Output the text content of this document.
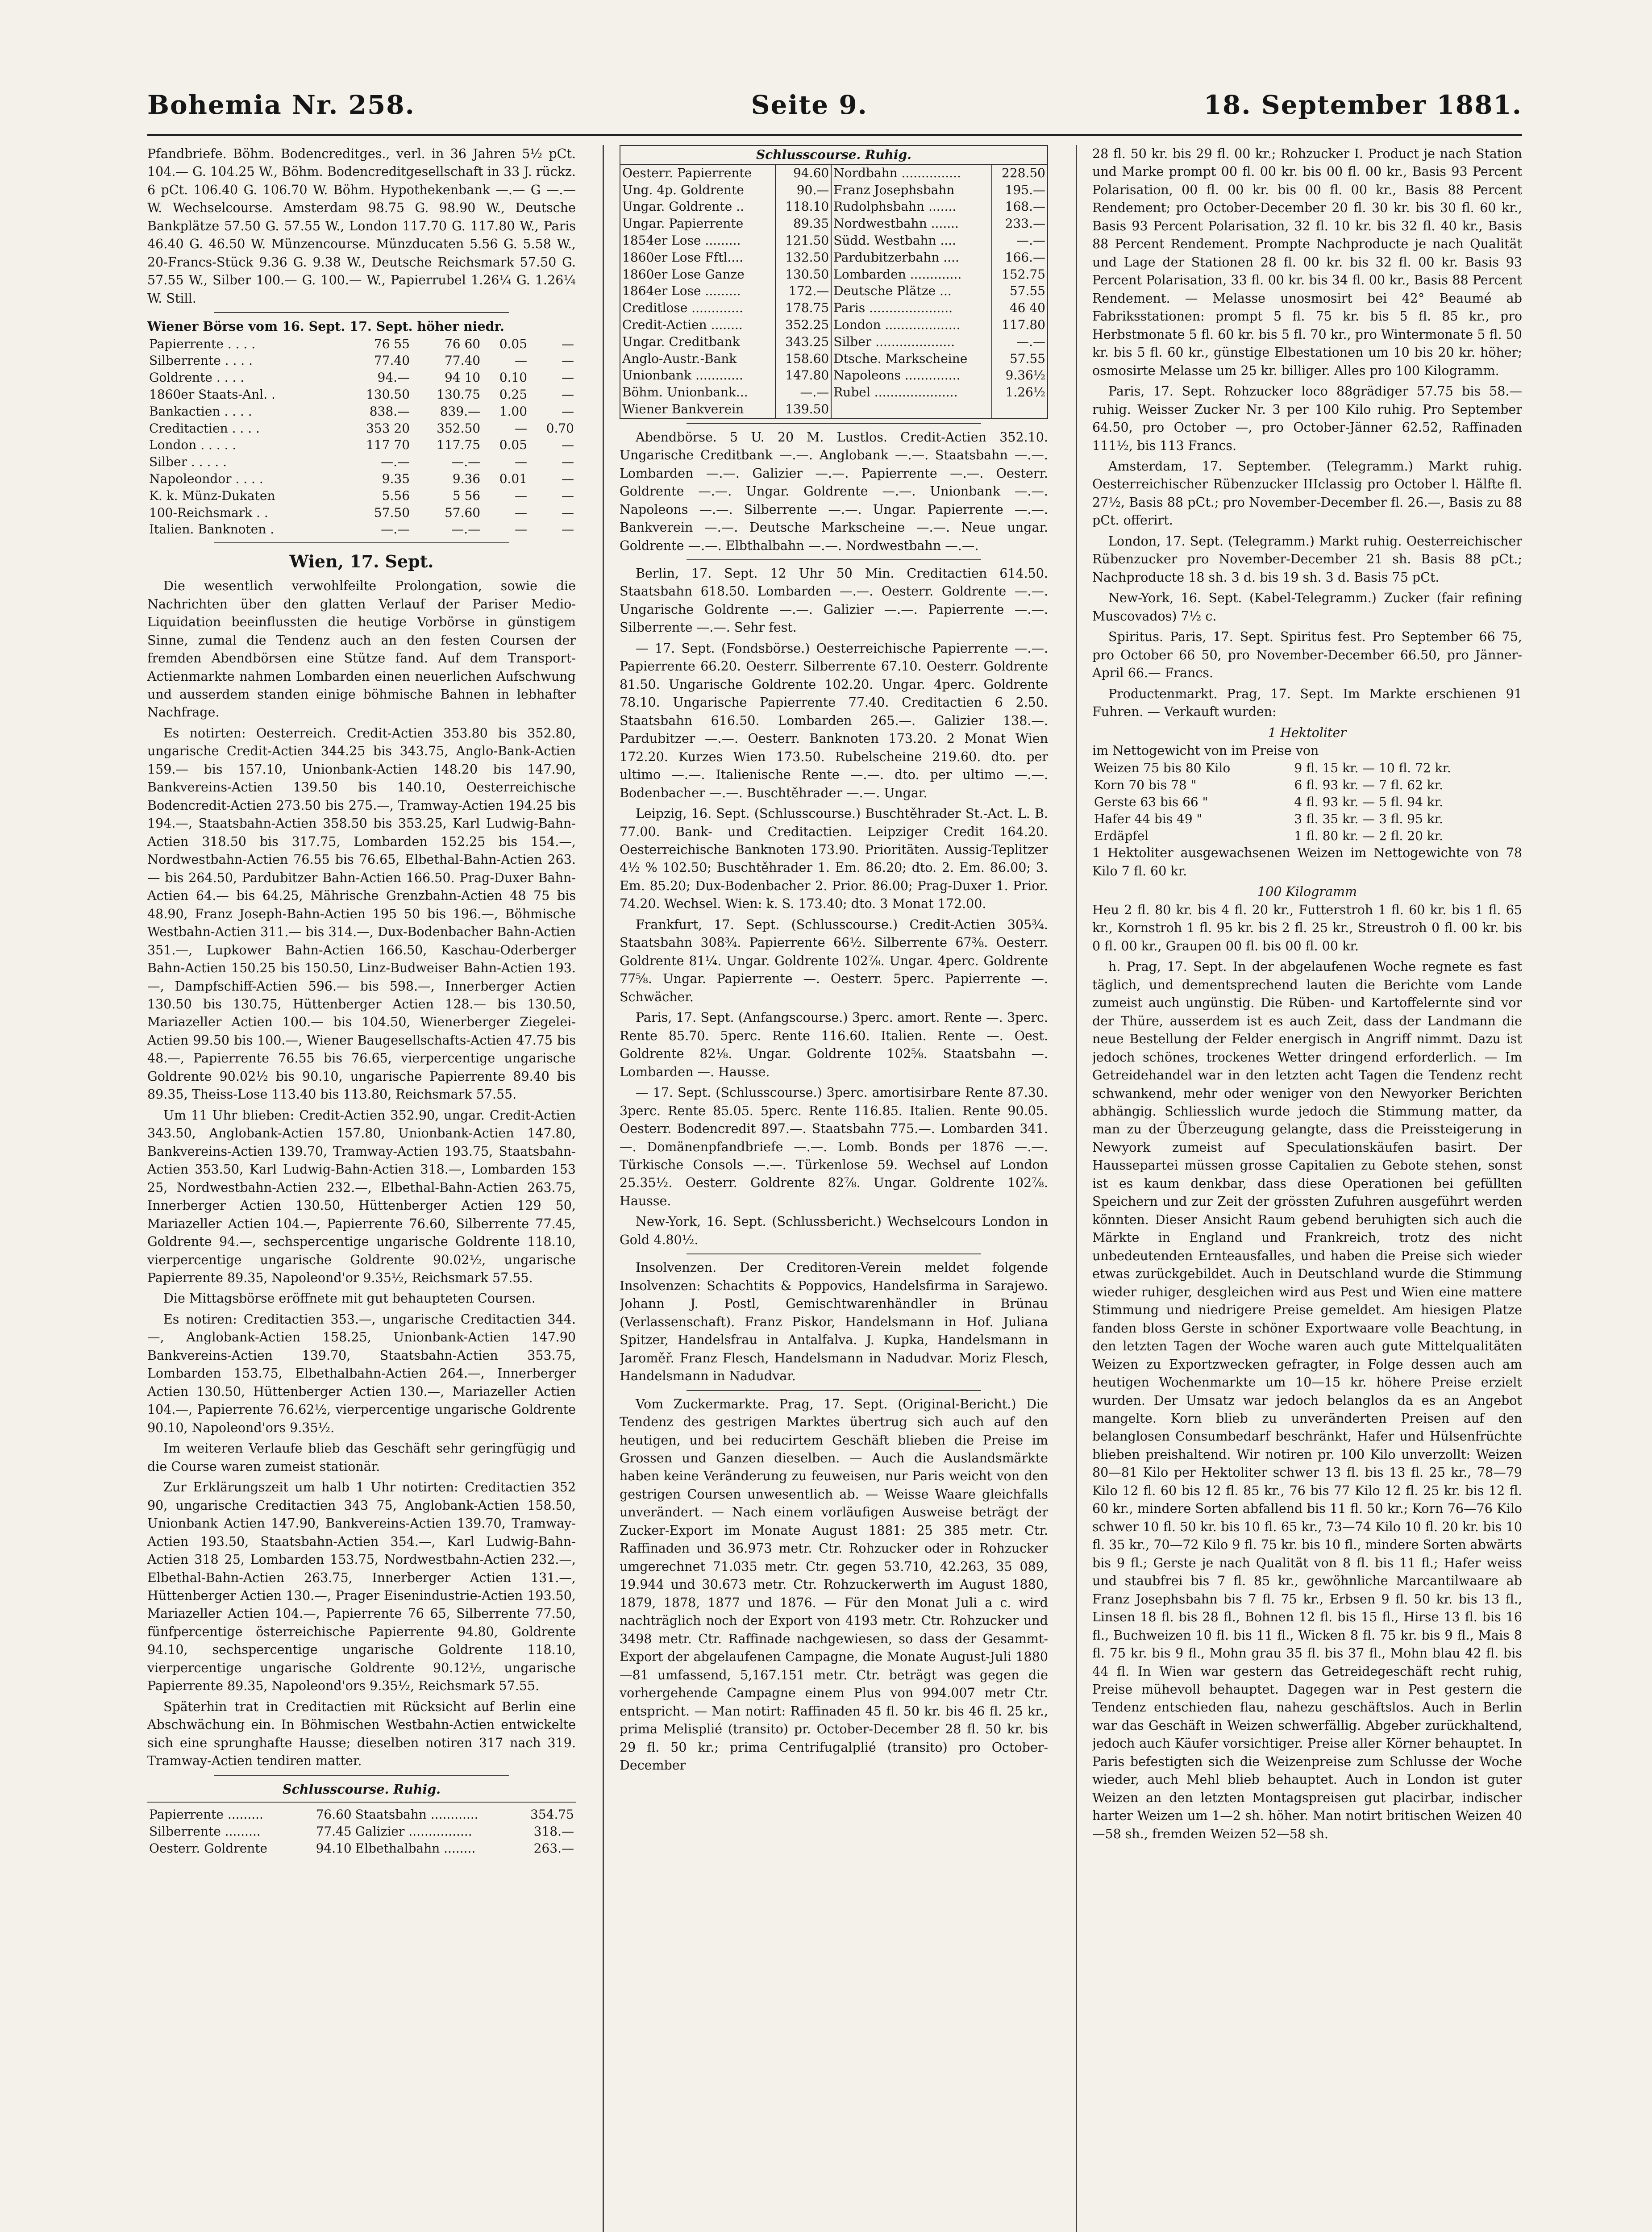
Bohemia Nr. 258.	Seite 9.	18. September 1881.

Pfandbriefe. Böhm. Bodencreditges., verl. in 36 Jahren 5½ pCt. 104.— G. 104.25 W., Böhm. Bodencreditgesellschaft in 33 J. rückz. 6 pCt. 106.40 G. 106.70 W. Böhm. Hypothekenbank —.— G —.— W. Wechselcourse. Amsterdam 98.75 G. 98.90 W., Deutsche Bankplätze 57.50 G. 57.55 W., London 117.70 G. 117.80 W., Paris 46.40 G. 46.50 W. Münzencourse. Münzducaten 5.56 G. 5.58 W., 20-Francs-Stück 9.36 G. 9.38 W., Deutsche Reichsmark 57.50 G. 57.55 W., Silber 100.— G. 100.— W., Papierrubel 1.26¼ G. 1.26¼ W. Still.

Wiener Börse vom 16. Sept. 17. Sept. höher niedr.
Papierrente . . . .	76 55	76 60	0.05	—
Silberrente . . . .	77.40	77.40	—	—
Goldrente . . . .	94.—	94 10	0.10	—
1860er Staats-Anl. .	130.50	130.75	0.25	—
Bankactien . . . .	838.—	839.—	1.00	—
Creditactien . . . .	353 20	352.50	—	0.70
London . . . . .	117 70	117.75	0.05	—
Silber . . . . .	—.—	—.—	—	—
Napoleondor . . . .	9.35	9.36	0.01	—
K. k. Münz-Dukaten	5.56	5 56	—	—
100-Reichsmark . .	57.50	57.60	—	—
Italien. Banknoten .	—.—	—.—	—	—
Wien, 17. Sept.

Die wesentlich verwohlfeilte Prolongation, sowie die Nachrichten über den glatten Verlauf der Pariser Medio-Liquidation beeinflussten die heutige Vorbörse in günstigem Sinne, zumal die Tendenz auch an den festen Coursen der fremden Abendbörsen eine Stütze fand. Auf dem Transport-Actienmarkte nahmen Lombarden einen neuerlichen Aufschwung und ausserdem standen einige böhmische Bahnen in lebhafter Nachfrage.

Es notirten: Oesterreich. Credit-Actien 353.80 bis 352.80, ungarische Credit-Actien 344.25 bis 343.75, Anglo-Bank-Actien 159.— bis 157.10, Unionbank-Actien 148.20 bis 147.90, Bankvereins-Actien 139.50 bis 140.10, Oesterreichische Bodencredit-Actien 273.50 bis 275.—, Tramway-Actien 194.25 bis 194.—, Staatsbahn-Actien 358.50 bis 353.25, Karl Ludwig-Bahn-Actien 318.50 bis 317.75, Lombarden 152.25 bis 154.—, Nordwestbahn-Actien 76.55 bis 76.65, Elbethal-Bahn-Actien 263.— bis 264.50, Pardubitzer Bahn-Actien 166.50. Prag-Duxer Bahn-Actien 64.— bis 64.25, Mährische Grenzbahn-Actien 48 75 bis 48.90, Franz Joseph-Bahn-Actien 195 50 bis 196.—, Böhmische Westbahn-Actien 311.— bis 314.—, Dux-Bodenbacher Bahn-Actien 351.—, Lupkower Bahn-Actien 166.50, Kaschau-Oderberger Bahn-Actien 150.25 bis 150.50, Linz-Budweiser Bahn-Actien 193.—, Dampfschiff-Actien 596.— bis 598.—, Innerberger Actien 130.50 bis 130.75, Hüttenberger Actien 128.— bis 130.50, Mariazeller Actien 100.— bis 104.50, Wienerberger Ziegelei-Actien 99.50 bis 100.—, Wiener Baugesellschafts-Actien 47.75 bis 48.—, Papierrente 76.55 bis 76.65, vierpercentige ungarische Goldrente 90.02½ bis 90.10, ungarische Papierrente 89.40 bis 89.35, Theiss-Lose 113.40 bis 113.80, Reichsmark 57.55.

Um 11 Uhr blieben: Credit-Actien 352.90, ungar. Credit-Actien 343.50, Anglobank-Actien 157.80, Unionbank-Actien 147.80, Bankvereins-Actien 139.70, Tramway-Actien 193.75, Staatsbahn-Actien 353.50, Karl Ludwig-Bahn-Actien 318.—, Lombarden 153 25, Nordwestbahn-Actien 232.—, Elbethal-Bahn-Actien 263.75, Innerberger Actien 130.50, Hüttenberger Actien 129 50, Mariazeller Actien 104.—, Papierrente 76.60, Silberrente 77.45, Goldrente 94.—, sechspercentige ungarische Goldrente 118.10, vierpercentige ungarische Goldrente 90.02½, ungarische Papierrente 89.35, Napoleond'or 9.35½, Reichsmark 57.55.

Die Mittagsbörse eröffnete mit gut behaupteten Coursen.

Es notiren: Creditactien 353.—, ungarische Creditactien 344.—, Anglobank-Actien 158.25, Unionbank-Actien 147.90 Bankvereins-Actien 139.70, Staatsbahn-Actien 353.75, Lombarden 153.75, Elbethalbahn-Actien 264.—, Innerberger Actien 130.50, Hüttenberger Actien 130.—, Mariazeller Actien 104.—, Papierrente 76.62½, vierpercentige ungarische Goldrente 90.10, Napoleond'ors 9.35½.

Im weiteren Verlaufe blieb das Geschäft sehr geringfügig und die Course waren zumeist stationär.

Zur Erklärungszeit um halb 1 Uhr notirten: Creditactien 352 90, ungarische Creditactien 343 75, Anglobank-Actien 158.50, Unionbank Actien 147.90, Bankvereins-Actien 139.70, Tramway-Actien 193.50, Staatsbahn-Actien 354.—, Karl Ludwig-Bahn-Actien 318 25, Lombarden 153.75, Nordwestbahn-Actien 232.—, Elbethal-Bahn-Actien 263.75, Innerberger Actien 131.—, Hüttenberger Actien 130.—, Prager Eisenindustrie-Actien 193.50, Mariazeller Actien 104.—, Papierrente 76 65, Silberrente 77.50, fünfpercentige österreichische Papierrente 94.80, Goldrente 94.10, sechspercentige ungarische Goldrente 118.10, vierpercentige ungarische Goldrente 90.12½, ungarische Papierrente 89.35, Napoleond'ors 9.35½, Reichsmark 57.55.

Späterhin trat in Creditactien mit Rücksicht auf Berlin eine Abschwächung ein. In Böhmischen Westbahn-Actien entwickelte sich eine sprunghafte Hausse; dieselben notiren 317 nach 319. Tramway-Actien tendiren matter.

Schlusscourse. Ruhig.
Papierrente .........	76.60	Staatsbahn ............	354.75
Silberrente .........	77.45	Galizier ................	318.—
Oesterr. Goldrente	94.10	Elbethalbahn ........	263.—
Schlusscourse. Ruhig.
Oesterr. Papierrente	94.60	Nordbahn ...............	228.50
Ung. 4p. Goldrente	90.—	Franz Josephsbahn	195.—
Ungar. Goldrente ..	118.10	Rudolphsbahn .......	168.—
Ungar. Papierrente	89.35	Nordwestbahn .......	233.—
1854er Lose .........	121.50	Südd. Westbahn ....	—.—
1860er Lose Fftl....	132.50	Pardubitzerbahn ....	166.—
1860er Lose Ganze	130.50	Lombarden .............	152.75
1864er Lose .........	172.—	Deutsche Plätze ...	57.55
Creditlose .............	178.75	Paris .....................	46 40
Credit-Actien ........	352.25	London ...................	117.80
Ungar. Creditbank	343.25	Silber ....................	—.—
Anglo-Austr.-Bank	158.60	Dtsche. Markscheine	57.55
Unionbank ............	147.80	Napoleons ..............	9.36½
Böhm. Unionbank...	—.—	Rubel .....................	1.26½
Wiener Bankverein	139.50		

Abendbörse. 5 U. 20 M. Lustlos. Credit-Actien 352.10. Ungarische Creditbank —.—. Anglobank —.—. Staatsbahn —.—. Lombarden —.—. Galizier —.—. Papierrente —.—. Oesterr. Goldrente —.—. Ungar. Goldrente —.—. Unionbank —.—. Napoleons —.—. Silberrente —.—. Ungar. Papierrente —.—. Bankverein —.—. Deutsche Markscheine —.—. Neue ungar. Goldrente —.—. Elbthalbahn —.—. Nordwestbahn —.—.

Berlin, 17. Sept. 12 Uhr 50 Min. Creditactien 614.50. Staatsbahn 618.50. Lombarden —.—. Oesterr. Goldrente —.—. Ungarische Goldrente —.—. Galizier —.—. Papierrente —.—. Silberrente —.—. Sehr fest.

— 17. Sept. (Fondsbörse.) Oesterreichische Papierrente —.—. Papierrente 66.20. Oesterr. Silberrente 67.10. Oesterr. Goldrente 81.50. Ungarische Goldrente 102.20. Ungar. 4perc. Goldrente 78.10. Ungarische Papierrente 77.40. Creditactien 6 2.50. Staatsbahn 616.50. Lombarden 265.—. Galizier 138.—. Pardubitzer —.—. Oesterr. Banknoten 173.20. 2 Monat Wien 172.20. Kurzes Wien 173.50. Rubelscheine 219.60. dto. per ultimo —.—. Italienische Rente —.—. dto. per ultimo —.—. Bodenbacher —.—. Buschtěhrader —.—. Ungar.

Leipzig, 16. Sept. (Schlusscourse.) Buschtěhrader St.-Act. L. B. 77.00. Bank- und Creditactien. Leipziger Credit 164.20. Oesterreichische Banknoten 173.90. Prioritäten. Aussig-Teplitzer 4½ % 102.50; Buschtěhrader 1. Em. 86.20; dto. 2. Em. 86.00; 3. Em. 85.20; Dux-Bodenbacher 2. Prior. 86.00; Prag-Duxer 1. Prior. 74.20. Wechsel. Wien: k. S. 173.40; dto. 3 Monat 172.00.

Frankfurt, 17. Sept. (Schlusscourse.) Credit-Actien 305¾. Staatsbahn 308¾. Papierrente 66½. Silberrente 67⅜. Oesterr. Goldrente 81¼. Ungar. Goldrente 102⅞. Ungar. 4perc. Goldrente 77⅝. Ungar. Papierrente —. Oesterr. 5perc. Papierrente —. Schwächer.

Paris, 17. Sept. (Anfangscourse.) 3perc. amort. Rente —. 3perc. Rente 85.70. 5perc. Rente 116.60. Italien. Rente —. Oest. Goldrente 82⅛. Ungar. Goldrente 102⅝. Staatsbahn —. Lombarden —. Hausse.

— 17. Sept. (Schlusscourse.) 3perc. amortisirbare Rente 87.30. 3perc. Rente 85.05. 5perc. Rente 116.85. Italien. Rente 90.05. Oesterr. Bodencredit 897.—. Staatsbahn 775.—. Lombarden 341.—. Domänenpfandbriefe —.—. Lomb. Bonds per 1876 —.—. Türkische Consols —.—. Türkenlose 59. Wechsel auf London 25.35½. Oesterr. Goldrente 82⅞. Ungar. Goldrente 102⅞. Hausse.

New-York, 16. Sept. (Schlussbericht.) Wechselcours London in Gold 4.80½.

Insolvenzen. Der Creditoren-Verein meldet folgende Insolvenzen: Schachtits & Poppovics, Handelsfirma in Sarajewo. Johann J. Postl, Gemischtwarenhändler in Brünau (Verlassenschaft). Franz Piskor, Handelsmann in Hof. Juliana Spitzer, Handelsfrau in Antalfalva. J. Kupka, Handelsmann in Jaroměř. Franz Flesch, Handelsmann in Nadudvar. Moriz Flesch, Handelsmann in Nadudvar.

Vom Zuckermarkte. Prag, 17. Sept. (Original-Bericht.) Die Tendenz des gestrigen Marktes übertrug sich auch auf den heutigen, und bei reducirtem Geschäft blieben die Preise im Grossen und Ganzen dieselben. — Auch die Auslandsmärkte haben keine Veränderung zu feuweisen, nur Paris weicht von den gestrigen Coursen unwesentlich ab. — Weisse Waare gleichfalls unverändert. — Nach einem vorläufigen Ausweise beträgt der Zucker-Export im Monate August 1881: 25 385 metr. Ctr. Raffinaden und 36.973 metr. Ctr. Rohzucker oder in Rohzucker umgerechnet 71.035 metr. Ctr. gegen 53.710, 42.263, 35 089, 19.944 und 30.673 metr. Ctr. Rohzuckerwerth im August 1880, 1879, 1878, 1877 und 1876. — Für den Monat Juli a c. wird nachträglich noch der Export von 4193 metr. Ctr. Rohzucker und 3498 metr. Ctr. Raffinade nachgewiesen, so dass der Gesammt-Export der abgelaufenen Campagne, die Monate August-Juli 1880—81 umfassend, 5,167.151 metr. Ctr. beträgt was gegen die vorhergehende Campagne einem Plus von 994.007 metr Ctr. entspricht. — Man notirt: Raffinaden 45 fl. 50 kr. bis 46 fl. 25 kr., prima Melisplié (transito) pr. October-December 28 fl. 50 kr. bis 29 fl. 50 kr.; prima Centrifugalplié (transito) pro October-December

28 fl. 50 kr. bis 29 fl. 00 kr.; Rohzucker I. Product je nach Station und Marke prompt 00 fl. 00 kr. bis 00 fl. 00 kr., Basis 93 Percent Polarisation, 00 fl. 00 kr. bis 00 fl. 00 kr., Basis 88 Percent Rendement; pro October-December 20 fl. 30 kr. bis 30 fl. 60 kr., Basis 93 Percent Polarisation, 32 fl. 10 kr. bis 32 fl. 40 kr., Basis 88 Percent Rendement. Prompte Nachproducte je nach Qualität und Lage der Stationen 28 fl. 00 kr. bis 32 fl. 00 kr. Basis 93 Percent Polarisation, 33 fl. 00 kr. bis 34 fl. 00 kr., Basis 88 Percent Rendement. — Melasse unosmosirt bei 42° Beaumé ab Fabriksstationen: prompt 5 fl. 75 kr. bis 5 fl. 85 kr., pro Herbstmonate 5 fl. 60 kr. bis 5 fl. 70 kr., pro Wintermonate 5 fl. 50 kr. bis 5 fl. 60 kr., günstige Elbestationen um 10 bis 20 kr. höher; osmosirte Melasse um 25 kr. billiger. Alles pro 100 Kilogramm.

Paris, 17. Sept. Rohzucker loco 88grädiger 57.75 bis 58.— ruhig. Weisser Zucker Nr. 3 per 100 Kilo ruhig. Pro September 64.50, pro October —, pro October-Jänner 62.52, Raffinaden 111½, bis 113 Francs.

Amsterdam, 17. September. (Telegramm.) Markt ruhig. Oesterreichischer Rübenzucker IIIclassig pro October l. Hälfte fl. 27½, Basis 88 pCt.; pro November-December fl. 26.—, Basis zu 88 pCt. offerirt.

London, 17. Sept. (Telegramm.) Markt ruhig. Oesterreichischer Rübenzucker pro November-December 21 sh. Basis 88 pCt.; Nachproducte 18 sh. 3 d. bis 19 sh. 3 d. Basis 75 pCt.

New-York, 16. Sept. (Kabel-Telegramm.) Zucker (fair refining Muscovados) 7½ c.

Spiritus. Paris, 17. Sept. Spiritus fest. Pro September 66 75, pro October 66 50, pro November-December 66.50, pro Jänner-April 66.— Francs.

Productenmarkt. Prag, 17. Sept. Im Markte erschienen 91 Fuhren. — Verkauft wurden:

1 Hektoliter
im Nettogewicht von im Preise von
Weizen 75 bis 80 Kilo	9 fl. 15 kr. — 10 fl. 72 kr.
Korn 70 bis 78 "	6 fl. 93 kr. — 7 fl. 62 kr.
Gerste 63 bis 66 "	4 fl. 93 kr. — 5 fl. 94 kr.
Hafer 44 bis 49 "	3 fl. 35 kr. — 3 fl. 95 kr.
Erdäpfel	1 fl. 80 kr. — 2 fl. 20 kr.

1 Hektoliter ausgewachsenen Weizen im Nettogewichte von 78 Kilo 7 fl. 60 kr.

100 Kilogramm

Heu 2 fl. 80 kr. bis 4 fl. 20 kr., Futterstroh 1 fl. 60 kr. bis 1 fl. 65 kr., Kornstroh 1 fl. 95 kr. bis 2 fl. 25 kr., Streustroh 0 fl. 00 kr. bis 0 fl. 00 kr., Graupen 00 fl. bis 00 fl. 00 kr.

h. Prag, 17. Sept. In der abgelaufenen Woche regnete es fast täglich, und dementsprechend lauten die Berichte vom Lande zumeist auch ungünstig. Die Rüben- und Kartoffelernte sind vor der Thüre, ausserdem ist es auch Zeit, dass der Landmann die neue Bestellung der Felder energisch in Angriff nimmt. Dazu ist jedoch schönes, trockenes Wetter dringend erforderlich. — Im Getreidehandel war in den letzten acht Tagen die Tendenz recht schwankend, mehr oder weniger von den Newyorker Berichten abhängig. Schliesslich wurde jedoch die Stimmung matter, da man zu der Überzeugung gelangte, dass die Preissteigerung in Newyork zumeist auf Speculationskäufen basirt. Der Haussepartei müssen grosse Capitalien zu Gebote stehen, sonst ist es kaum denkbar, dass diese Operationen bei gefüllten Speichern und zur Zeit der grössten Zufuhren ausgeführt werden könnten. Dieser Ansicht Raum gebend beruhigten sich auch die Märkte in England und Frankreich, trotz des nicht unbedeutenden Ernteausfalles, und haben die Preise sich wieder etwas zurückgebildet. Auch in Deutschland wurde die Stimmung wieder ruhiger, desgleichen wird aus Pest und Wien eine mattere Stimmung und niedrigere Preise gemeldet. Am hiesigen Platze fanden bloss Gerste in schöner Exportwaare volle Beachtung, in den letzten Tagen der Woche waren auch gute Mittelqualitäten Weizen zu Exportzwecken gefragter, in Folge dessen auch am heutigen Wochenmarkte um 10—15 kr. höhere Preise erzielt wurden. Der Umsatz war jedoch belanglos da es an Angebot mangelte. Korn blieb zu unveränderten Preisen auf den belanglosen Consumbedarf beschränkt, Hafer und Hülsenfrüchte blieben preishaltend. Wir notiren pr. 100 Kilo unverzollt: Weizen 80—81 Kilo per Hektoliter schwer 13 fl. bis 13 fl. 25 kr., 78—79 Kilo 12 fl. 60 bis 12 fl. 85 kr., 76 bis 77 Kilo 12 fl. 25 kr. bis 12 fl. 60 kr., mindere Sorten abfallend bis 11 fl. 50 kr.; Korn 76—76 Kilo schwer 10 fl. 50 kr. bis 10 fl. 65 kr., 73—74 Kilo 10 fl. 20 kr. bis 10 fl. 35 kr., 70—72 Kilo 9 fl. 75 kr. bis 10 fl., mindere Sorten abwärts bis 9 fl.; Gerste je nach Qualität von 8 fl. bis 11 fl.; Hafer weiss und staubfrei bis 7 fl. 85 kr., gewöhnliche Marcantilwaare ab Franz Josephsbahn bis 7 fl. 75 kr., Erbsen 9 fl. 50 kr. bis 13 fl., Linsen 18 fl. bis 28 fl., Bohnen 12 fl. bis 15 fl., Hirse 13 fl. bis 16 fl., Buchweizen 10 fl. bis 11 fl., Wicken 8 fl. 75 kr. bis 9 fl., Mais 8 fl. 75 kr. bis 9 fl., Mohn grau 35 fl. bis 37 fl., Mohn blau 42 fl. bis 44 fl. In Wien war gestern das Getreidegeschäft recht ruhig, Preise mühevoll behauptet. Dagegen war in Pest gestern die Tendenz entschieden flau, nahezu geschäftslos. Auch in Berlin war das Geschäft in Weizen schwerfällig. Abgeber zurückhaltend, jedoch auch Käufer vorsichtiger. Preise aller Körner behauptet. In Paris befestigten sich die Weizenpreise zum Schlusse der Woche wieder, auch Mehl blieb behauptet. Auch in London ist guter Weizen an den letzten Montagspreisen gut placirbar, indischer harter Weizen um 1—2 sh. höher. Man notirt britischen Weizen 40—58 sh., fremden Weizen 52—58 sh.
